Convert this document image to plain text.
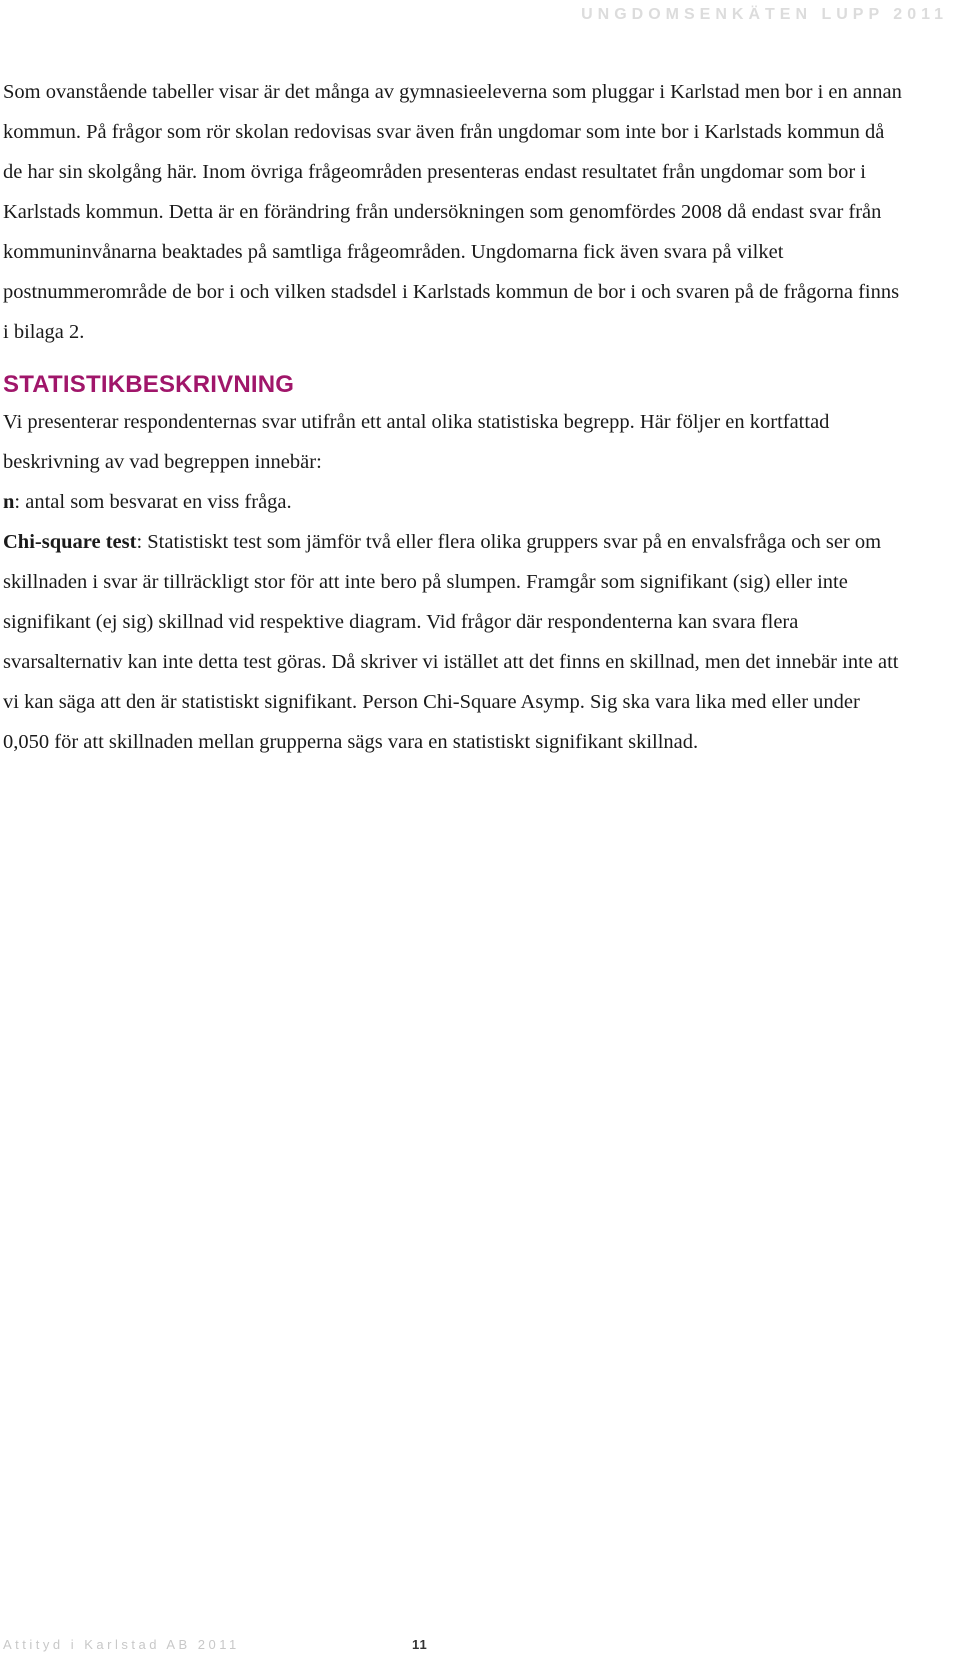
UNGDOMSENKÄTEN LUPP 2011

Som ovanstående tabeller visar är det många av gymnasieeleverna som pluggar i Karlstad men bor i en annan kommun. På frågor som rör skolan redovisas svar även från ungdomar som inte bor i Karlstads kommun då de har sin skolgång här. Inom övriga frågeområden presenteras endast resultatet från ungdomar som bor i Karlstads kommun. Detta är en förändring från undersökningen som genomfördes 2008 då endast svar från kommuninvånarna beaktades på samtliga frågeområden. Ungdomarna fick även svara på vilket postnummerområde de bor i och vilken stadsdel i Karlstads kommun de bor i och svaren på de frågorna finns i bilaga 2.

STATISTIKBESKRIVNING

Vi presenterar respondenternas svar utifrån ett antal olika statistiska begrepp. Här följer en kortfattad beskrivning av vad begreppen innebär:

n: antal som besvarat en viss fråga.

Chi-square test: Statistiskt test som jämför två eller flera olika gruppers svar på en envalsfråga och ser om skillnaden i svar är tillräckligt stor för att inte bero på slumpen. Framgår som signifikant (sig) eller inte signifikant (ej sig) skillnad vid respektive diagram. Vid frågor där respondenterna kan svara flera svarsalternativ kan inte detta test göras. Då skriver vi istället att det finns en skillnad, men det innebär inte att vi kan säga att den är statistiskt signifikant. Person Chi-Square Asymp. Sig ska vara lika med eller under 0,050 för att skillnaden mellan grupperna sägs vara en statistiskt signifikant skillnad.

Attityd i Karlstad AB 2011	11
